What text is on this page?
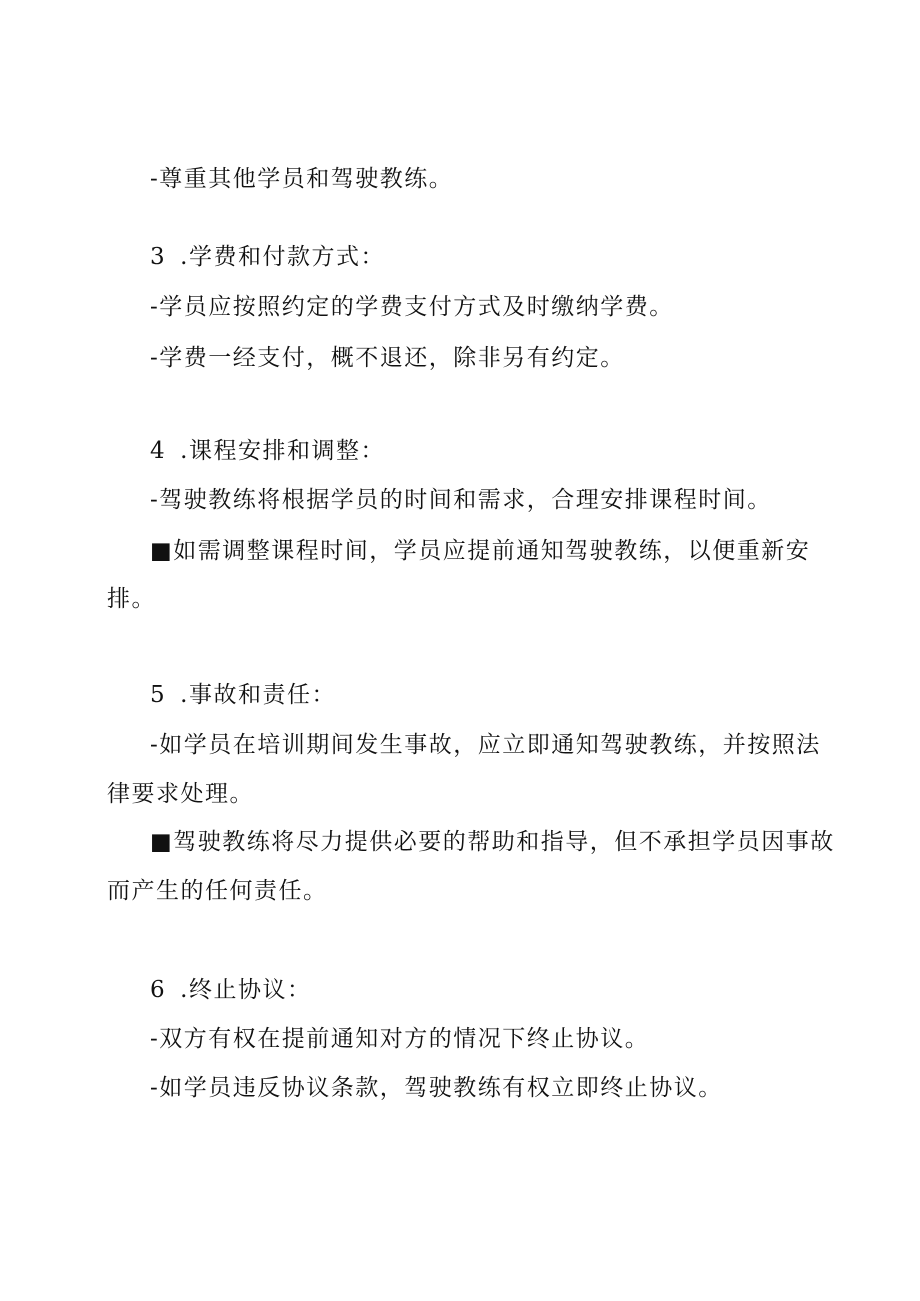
-尊重其他学员和驾驶教练。
3 .学费和付款方式：
-学员应按照约定的学费支付方式及时缴纳学费。
-学费一经支付，概不退还，除非另有约定。
4 .课程安排和调整：
-驾驶教练将根据学员的时间和需求，合理安排课程时间。
■如需调整课程时间，学员应提前通知驾驶教练，以便重新安
排。
5 .事故和责任：
-如学员在培训期间发生事故，应立即通知驾驶教练，并按照法
律要求处理。
■驾驶教练将尽力提供必要的帮助和指导，但不承担学员因事故
而产生的任何责任。
6 .终止协议：
-双方有权在提前通知对方的情况下终止协议。
-如学员违反协议条款，驾驶教练有权立即终止协议。
